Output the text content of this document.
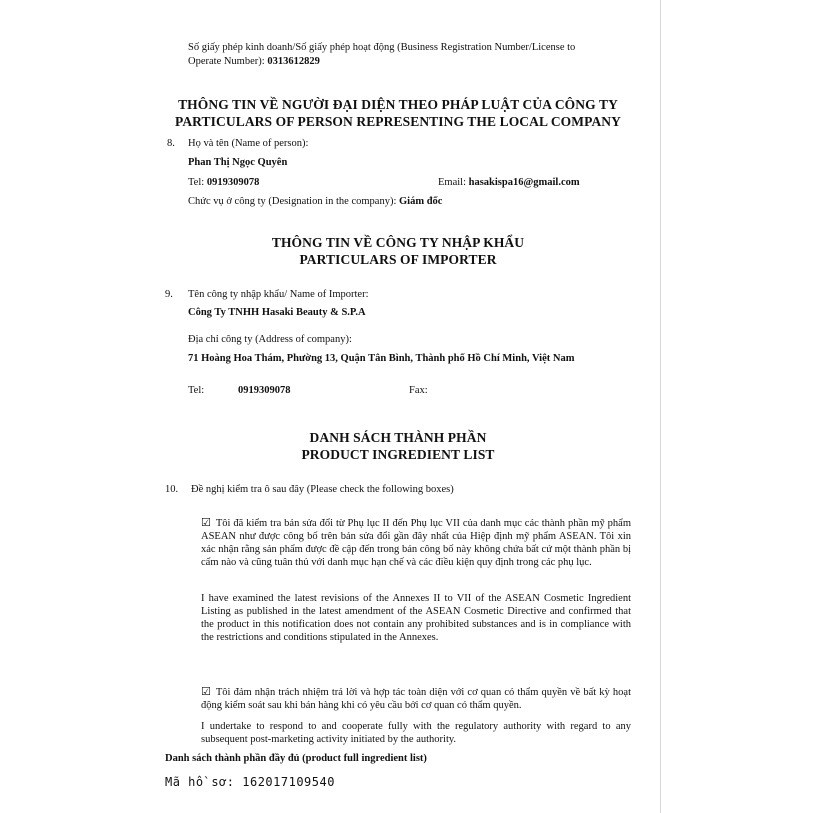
Số giấy phép kinh doanh/Số giấy phép hoạt động (Business Registration Number/License to
Operate Number): 0313612829
THÔNG TIN VỀ NGƯỜI ĐẠI DIỆN THEO PHÁP LUẬT CỦA CÔNG TY
PARTICULARS OF PERSON REPRESENTING THE LOCAL COMPANY
8. Họ và tên (Name of person):
Phan Thị Ngọc Quyên
Tel: 0919309078	Email: hasakispa16@gmail.com
Chức vụ ở công ty (Designation in the company): Giám đốc
THÔNG TIN VỀ CÔNG TY NHẬP KHẨU
PARTICULARS OF IMPORTER
9. Tên công ty nhập khẩu/ Name of Importer:
Công Ty TNHH Hasaki Beauty & S.P.A
Địa chỉ công ty (Address of company):
71 Hoàng Hoa Thám, Phường 13, Quận Tân Bình, Thành phố Hồ Chí Minh, Việt Nam
Tel:	0919309078	Fax:
DANH SÁCH THÀNH PHẦN
PRODUCT INGREDIENT LIST
10. Đề nghị kiểm tra ô sau đây (Please check the following boxes)
☑ Tôi đã kiểm tra bản sửa đổi từ Phụ lục II đến Phụ lục VII của danh mục các thành phần mỹ phẩm ASEAN như được công bố trên bản sửa đổi gần đây nhất của Hiệp định mỹ phẩm ASEAN. Tôi xin xác nhận rằng sản phẩm được đề cập đến trong bản công bố này không chứa bất cứ một thành phần bị cấm nào và cũng tuân thủ với danh mục hạn chế và các điều kiện quy định trong các phụ lục.
I have examined the latest revisions of the Annexes II to VII of the ASEAN Cosmetic Ingredient Listing as published in the latest amendment of the ASEAN Cosmetic Directive and confirmed that the product in this notification does not contain any prohibited substances and is in compliance with the restrictions and conditions stipulated in the Annexes.
☑ Tôi đảm nhận trách nhiệm trả lời và hợp tác toàn diện với cơ quan có thẩm quyền về bất kỳ hoạt động kiểm soát sau khi bán hàng khi có yêu cầu bởi cơ quan có thẩm quyền.
I undertake to respond to and cooperate fully with the regulatory authority with regard to any subsequent post-marketing activity initiated by the authority.
Danh sách thành phần đầy đủ (product full ingredient list)
Mã hồ sơ: 162017109540
